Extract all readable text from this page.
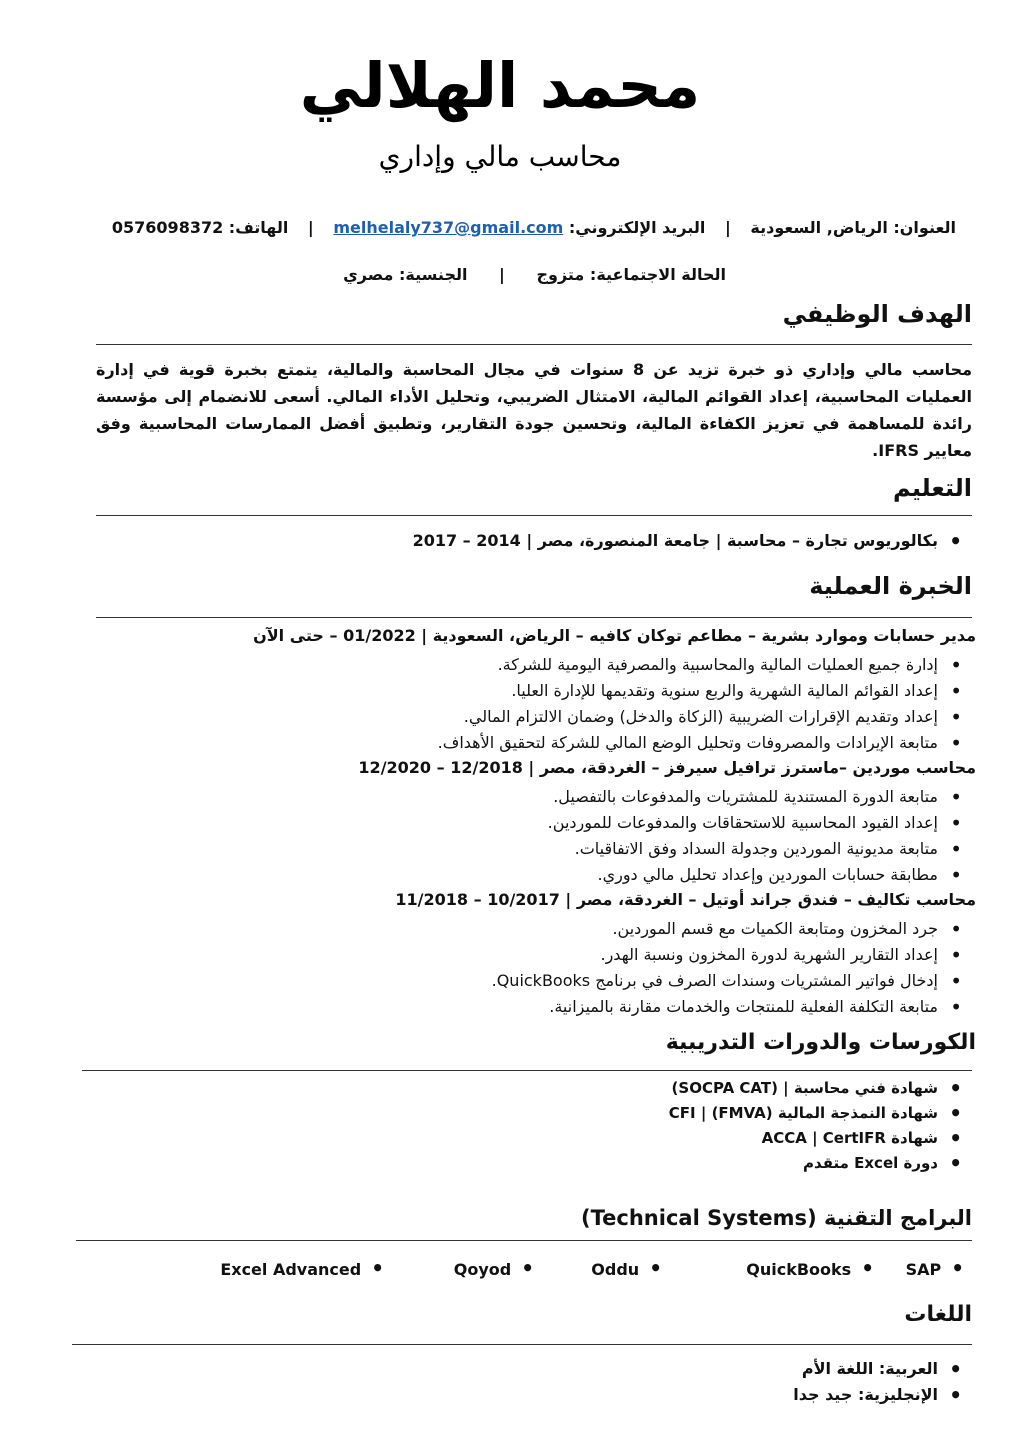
محمد الهلالي
محاسب مالي وإداري
العنوان: الرياض, السعودية | البريد الإلكتروني: melhelaly737@gmail.com | الهاتف: 0576098372
الحالة الاجتماعية: متزوج | الجنسية: مصري
الهدف الوظيفي
محاسب مالي وإداري ذو خبرة تزيد عن 8 سنوات في مجال المحاسبة والمالية، يتمتع بخبرة قوية في إدارة العمليات المحاسبية، إعداد القوائم المالية، الامتثال الضريبي، وتحليل الأداء المالي. أسعى للانضمام إلى مؤسسة رائدة للمساهمة في تعزيز الكفاءة المالية، وتحسين جودة التقارير، وتطبيق أفضل الممارسات المحاسبية وفق معايير IFRS.
التعليم
• بكالوريوس تجارة – محاسبة | جامعة المنصورة، مصر | 2014 – 2017
الخبرة العملية
مدير حسابات وموارد بشرية – مطاعم توكان كافيه – الرياض، السعودية | 01/2022 – حتى الآن
• إدارة جميع العمليات المالية والمحاسبية والمصرفية اليومية للشركة.
• إعداد القوائم المالية الشهرية والربع سنوية وتقديمها للإدارة العليا.
• إعداد وتقديم الإقرارات الضريبية (الزكاة والدخل) وضمان الالتزام المالي.
• متابعة الإيرادات والمصروفات وتحليل الوضع المالي للشركة لتحقيق الأهداف.
محاسب موردين –ماسترز ترافيل سيرفز – الغردقة، مصر | 12/2018 – 12/2020
• متابعة الدورة المستندية للمشتريات والمدفوعات بالتفصيل.
• إعداد القيود المحاسبية للاستحقاقات والمدفوعات للموردين.
• متابعة مديونية الموردين وجدولة السداد وفق الاتفاقيات.
• مطابقة حسابات الموردين وإعداد تحليل مالي دوري.
محاسب تكاليف – فندق جراند أوتيل – الغردقة، مصر | 10/2017 – 11/2018
• جرد المخزون ومتابعة الكميات مع قسم الموردين.
• إعداد التقارير الشهرية لدورة المخزون ونسبة الهدر.
• إدخال فواتير المشتريات وسندات الصرف في برنامج QuickBooks.
• متابعة التكلفة الفعلية للمنتجات والخدمات مقارنة بالميزانية.
الكورسات والدورات التدريبية
• شهادة فني محاسبة | (SOCPA CAT)
• شهادة النمذجة المالية (FMVA) | CFI
• شهادة ACCA | CertIFR
• دورة Excel متقدم
البرامج التقنية (Technical Systems)
•SAP
•QuickBooks
•Oddu
•Qoyod
•Excel Advanced
اللغات
• العربية: اللغة الأم
• الإنجليزية: جيد جدا
